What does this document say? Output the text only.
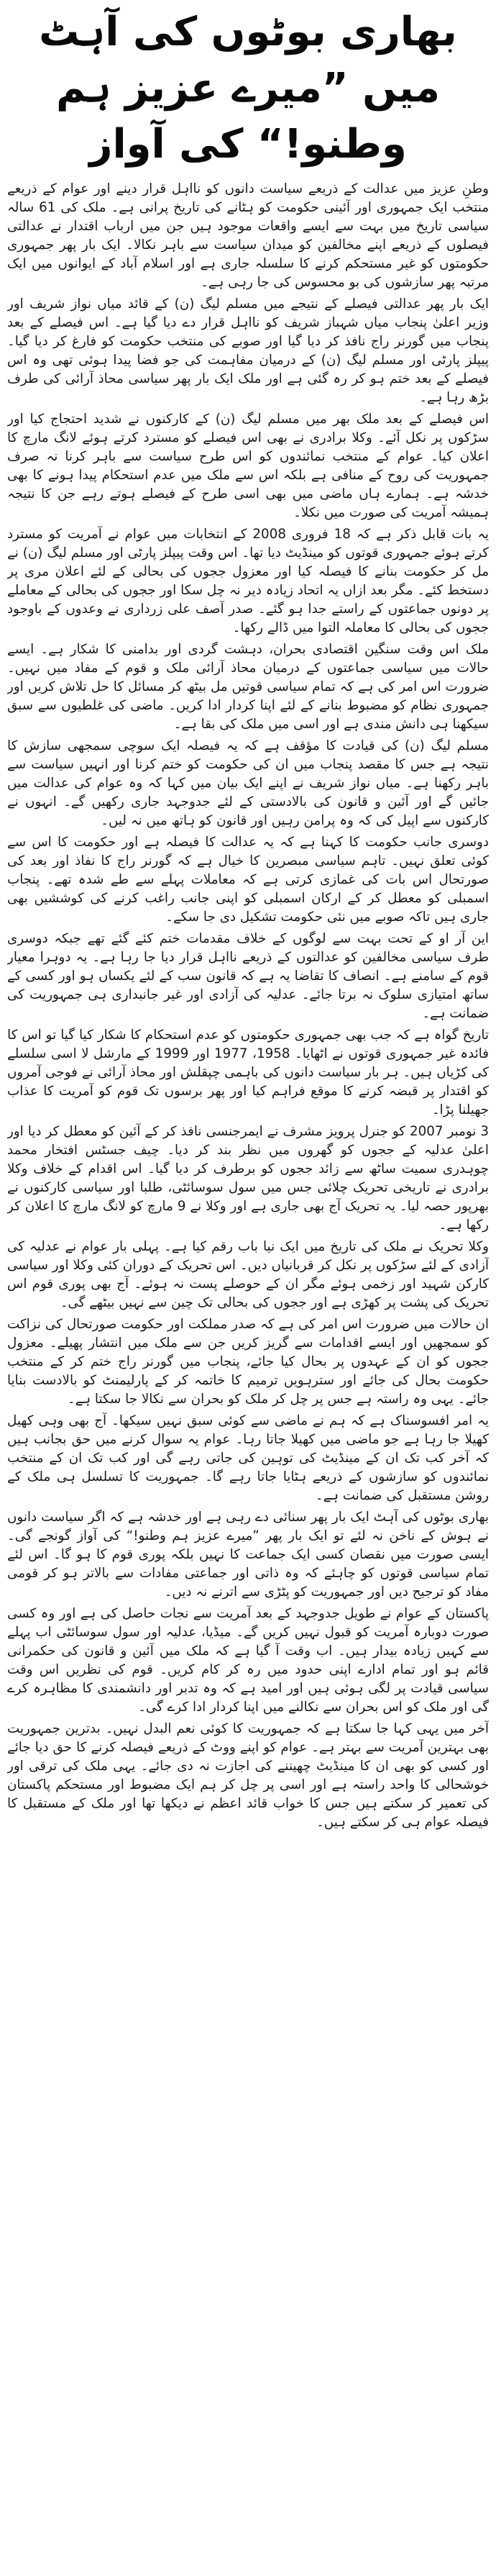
بھاری بوٹوں کی آہٹ میں ”میرے عزیز ہم
وطنو!“ کی آواز

وطنِ عزیز میں عدالت کے ذریعے سیاست دانوں کو نااہل قرار دینے اور عوام کے ذریعے منتخب ایک جمہوری اور آئینی حکومت کو ہٹانے کی تاریخ پرانی ہے۔ ملک کی 61 سالہ سیاسی تاریخ میں بہت سے ایسے واقعات موجود ہیں جن میں ارباب اقتدار نے عدالتی فیصلوں کے ذریعے اپنے مخالفین کو میدان سیاست سے باہر نکالا۔ ایک بار پھر جمہوری حکومتوں کو غیر مستحکم کرنے کا سلسلہ جاری ہے اور اسلام آباد کے ایوانوں میں ایک مرتبہ پھر سازشوں کی بو محسوس کی جا رہی ہے۔

ایک بار پھر عدالتی فیصلے کے نتیجے میں مسلم لیگ (ن) کے قائد میاں نواز شریف اور وزیر اعلیٰ پنجاب میاں شہباز شریف کو نااہل قرار دے دیا گیا ہے۔ اس فیصلے کے بعد پنجاب میں گورنر راج نافذ کر دیا گیا اور صوبے کی منتخب حکومت کو فارغ کر دیا گیا۔ پیپلز پارٹی اور مسلم لیگ (ن) کے درمیان مفاہمت کی جو فضا پیدا ہوئی تھی وہ اس فیصلے کے بعد ختم ہو کر رہ گئی ہے اور ملک ایک بار پھر سیاسی محاذ آرائی کی طرف بڑھ رہا ہے۔

اس فیصلے کے بعد ملک بھر میں مسلم لیگ (ن) کے کارکنوں نے شدید احتجاج کیا اور سڑکوں پر نکل آئے۔ وکلا برادری نے بھی اس فیصلے کو مسترد کرتے ہوئے لانگ مارچ کا اعلان کیا۔ عوام کے منتخب نمائندوں کو اس طرح سیاست سے باہر کرنا نہ صرف جمہوریت کی روح کے منافی ہے بلکہ اس سے ملک میں عدم استحکام پیدا ہونے کا بھی خدشہ ہے۔ ہمارے ہاں ماضی میں بھی اسی طرح کے فیصلے ہوتے رہے جن کا نتیجہ ہمیشہ آمریت کی صورت میں نکلا۔

یہ بات قابل ذکر ہے کہ 18 فروری 2008 کے انتخابات میں عوام نے آمریت کو مسترد کرتے ہوئے جمہوری قوتوں کو مینڈیٹ دیا تھا۔ اس وقت پیپلز پارٹی اور مسلم لیگ (ن) نے مل کر حکومت بنانے کا فیصلہ کیا اور معزول ججوں کی بحالی کے لئے اعلان مری پر دستخط کئے۔ مگر بعد ازاں یہ اتحاد زیادہ دیر نہ چل سکا اور ججوں کی بحالی کے معاملے پر دونوں جماعتوں کے راستے جدا ہو گئے۔ صدر آصف علی زرداری نے وعدوں کے باوجود ججوں کی بحالی کا معاملہ التوا میں ڈالے رکھا۔

ملک اس وقت سنگین اقتصادی بحران، دہشت گردی اور بدامنی کا شکار ہے۔ ایسے حالات میں سیاسی جماعتوں کے درمیان محاذ آرائی ملک و قوم کے مفاد میں نہیں۔ ضرورت اس امر کی ہے کہ تمام سیاسی قوتیں مل بیٹھ کر مسائل کا حل تلاش کریں اور جمہوری نظام کو مضبوط بنانے کے لئے اپنا کردار ادا کریں۔ ماضی کی غلطیوں سے سبق سیکھنا ہی دانش مندی ہے اور اسی میں ملک کی بقا ہے۔

مسلم لیگ (ن) کی قیادت کا مؤقف ہے کہ یہ فیصلہ ایک سوچی سمجھی سازش کا نتیجہ ہے جس کا مقصد پنجاب میں ان کی حکومت کو ختم کرنا اور انہیں سیاست سے باہر رکھنا ہے۔ میاں نواز شریف نے اپنے ایک بیان میں کہا کہ وہ عوام کی عدالت میں جائیں گے اور آئین و قانون کی بالادستی کے لئے جدوجہد جاری رکھیں گے۔ انہوں نے کارکنوں سے اپیل کی کہ وہ پرامن رہیں اور قانون کو ہاتھ میں نہ لیں۔

دوسری جانب حکومت کا کہنا ہے کہ یہ عدالت کا فیصلہ ہے اور حکومت کا اس سے کوئی تعلق نہیں۔ تاہم سیاسی مبصرین کا خیال ہے کہ گورنر راج کا نفاذ اور بعد کی صورتحال اس بات کی غمازی کرتی ہے کہ معاملات پہلے سے طے شدہ تھے۔ پنجاب اسمبلی کو معطل کر کے ارکان اسمبلی کو اپنی جانب راغب کرنے کی کوششیں بھی جاری ہیں تاکہ صوبے میں نئی حکومت تشکیل دی جا سکے۔

این آر او کے تحت بہت سے لوگوں کے خلاف مقدمات ختم کئے گئے تھے جبکہ دوسری طرف سیاسی مخالفین کو عدالتوں کے ذریعے نااہل قرار دیا جا رہا ہے۔ یہ دوہرا معیار قوم کے سامنے ہے۔ انصاف کا تقاضا یہ ہے کہ قانون سب کے لئے یکساں ہو اور کسی کے ساتھ امتیازی سلوک نہ برتا جائے۔ عدلیہ کی آزادی اور غیر جانبداری ہی جمہوریت کی ضمانت ہے۔

تاریخ گواہ ہے کہ جب بھی جمہوری حکومتوں کو عدم استحکام کا شکار کیا گیا تو اس کا فائدہ غیر جمہوری قوتوں نے اٹھایا۔ 1958، 1977 اور 1999 کے مارشل لا اسی سلسلے کی کڑیاں ہیں۔ ہر بار سیاست دانوں کی باہمی چپقلش اور محاذ آرائی نے فوجی آمروں کو اقتدار پر قبضہ کرنے کا موقع فراہم کیا اور پھر برسوں تک قوم کو آمریت کا عذاب جھیلنا پڑا۔

3 نومبر 2007 کو جنرل پرویز مشرف نے ایمرجنسی نافذ کر کے آئین کو معطل کر دیا اور اعلیٰ عدلیہ کے ججوں کو گھروں میں نظر بند کر دیا۔ چیف جسٹس افتخار محمد چوہدری سمیت ساٹھ سے زائد ججوں کو برطرف کر دیا گیا۔ اس اقدام کے خلاف وکلا برادری نے تاریخی تحریک چلائی جس میں سول سوسائٹی، طلبا اور سیاسی کارکنوں نے بھرپور حصہ لیا۔ یہ تحریک آج بھی جاری ہے اور وکلا نے 9 مارچ کو لانگ مارچ کا اعلان کر رکھا ہے۔

وکلا تحریک نے ملک کی تاریخ میں ایک نیا باب رقم کیا ہے۔ پہلی بار عوام نے عدلیہ کی آزادی کے لئے سڑکوں پر نکل کر قربانیاں دیں۔ اس تحریک کے دوران کئی وکلا اور سیاسی کارکن شہید اور زخمی ہوئے مگر ان کے حوصلے پست نہ ہوئے۔ آج بھی پوری قوم اس تحریک کی پشت پر کھڑی ہے اور ججوں کی بحالی تک چین سے نہیں بیٹھے گی۔

ان حالات میں ضرورت اس امر کی ہے کہ صدر مملکت اور حکومت صورتحال کی نزاکت کو سمجھیں اور ایسے اقدامات سے گریز کریں جن سے ملک میں انتشار پھیلے۔ معزول ججوں کو ان کے عہدوں پر بحال کیا جائے، پنجاب میں گورنر راج ختم کر کے منتخب حکومت بحال کی جائے اور سترہویں ترمیم کا خاتمہ کر کے پارلیمنٹ کو بالادست بنایا جائے۔ یہی وہ راستہ ہے جس پر چل کر ملک کو بحران سے نکالا جا سکتا ہے۔

یہ امر افسوسناک ہے کہ ہم نے ماضی سے کوئی سبق نہیں سیکھا۔ آج بھی وہی کھیل کھیلا جا رہا ہے جو ماضی میں کھیلا جاتا رہا۔ عوام یہ سوال کرنے میں حق بجانب ہیں کہ آخر کب تک ان کے مینڈیٹ کی توہین کی جاتی رہے گی اور کب تک ان کے منتخب نمائندوں کو سازشوں کے ذریعے ہٹایا جاتا رہے گا۔ جمہوریت کا تسلسل ہی ملک کے روشن مستقبل کی ضمانت ہے۔

بھاری بوٹوں کی آہٹ ایک بار پھر سنائی دے رہی ہے اور خدشہ ہے کہ اگر سیاست دانوں نے ہوش کے ناخن نہ لئے تو ایک بار پھر ”میرے عزیز ہم وطنو!“ کی آواز گونجے گی۔ ایسی صورت میں نقصان کسی ایک جماعت کا نہیں بلکہ پوری قوم کا ہو گا۔ اس لئے تمام سیاسی قوتوں کو چاہئے کہ وہ ذاتی اور جماعتی مفادات سے بالاتر ہو کر قومی مفاد کو ترجیح دیں اور جمہوریت کو پٹڑی سے اترنے نہ دیں۔

پاکستان کے عوام نے طویل جدوجہد کے بعد آمریت سے نجات حاصل کی ہے اور وہ کسی صورت دوبارہ آمریت کو قبول نہیں کریں گے۔ میڈیا، عدلیہ اور سول سوسائٹی اب پہلے سے کہیں زیادہ بیدار ہیں۔ اب وقت آ گیا ہے کہ ملک میں آئین و قانون کی حکمرانی قائم ہو اور تمام ادارے اپنی حدود میں رہ کر کام کریں۔ قوم کی نظریں اس وقت سیاسی قیادت پر لگی ہوئی ہیں اور امید ہے کہ وہ تدبر اور دانشمندی کا مظاہرہ کرے گی اور ملک کو اس بحران سے نکالنے میں اپنا کردار ادا کرے گی۔

آخر میں یہی کہا جا سکتا ہے کہ جمہوریت کا کوئی نعم البدل نہیں۔ بدترین جمہوریت بھی بہترین آمریت سے بہتر ہے۔ عوام کو اپنے ووٹ کے ذریعے فیصلہ کرنے کا حق دیا جائے اور کسی کو بھی ان کا مینڈیٹ چھیننے کی اجازت نہ دی جائے۔ یہی ملک کی ترقی اور خوشحالی کا واحد راستہ ہے اور اسی پر چل کر ہم ایک مضبوط اور مستحکم پاکستان کی تعمیر کر سکتے ہیں جس کا خواب قائد اعظم نے دیکھا تھا اور ملک کے مستقبل کا فیصلہ عوام ہی کر سکتے ہیں۔
